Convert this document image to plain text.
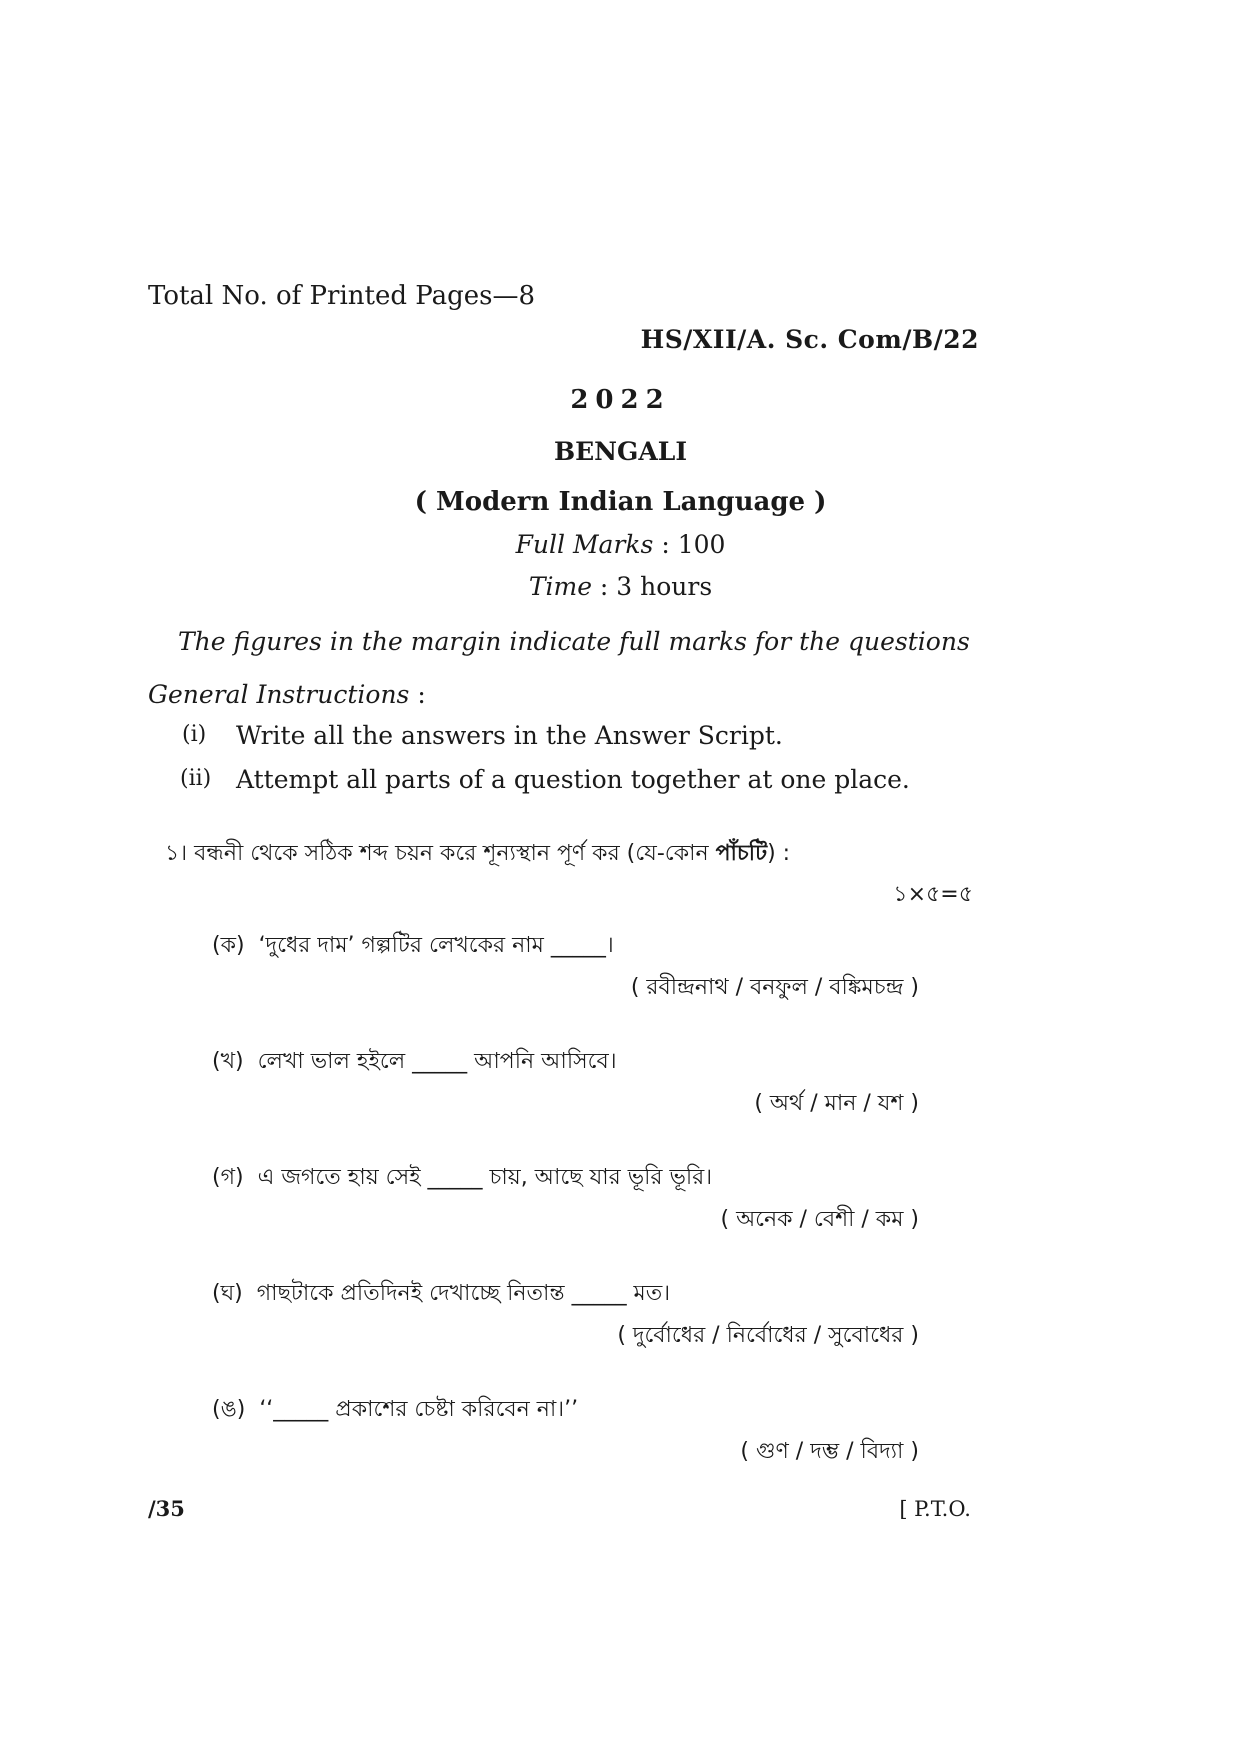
Total No. of Printed Pages—8
HS/XII/A. Sc. Com/B/22
2022
BENGALI
( Modern Indian Language )
Full Marks : 100
Time : 3 hours
The figures in the margin indicate full marks for the questions
General Instructions :
(i) Write all the answers in the Answer Script.
(ii) Attempt all parts of a question together at one place.
১। বন্ধনী থেকে সঠিক শব্দ চয়ন করে শূন্যস্থান পূর্ণ কর (যে-কোন পাঁচটি) :
১×৫=৫
(ক) ‘দুধের দাম’ গল্পটির লেখকের নাম _____।
( রবীন্দ্রনাথ / বনফুল / বঙ্কিমচন্দ্র )
(খ) লেখা ভাল হইলে _____ আপনি আসিবে।
( অর্থ / মান / যশ )
(গ) এ জগতে হায় সেই _____ চায়, আছে যার ভূরি ভূরি।
( অনেক / বেশী / কম )
(ঘ) গাছটাকে প্রতিদিনই দেখাচ্ছে নিতান্ত _____ মত।
( দুর্বোধের / নির্বোধের / সুবোধের )
(ঙ) ‘‘_____ প্রকাশের চেষ্টা করিবেন না।’’
( গুণ / দম্ভ / বিদ্যা )
/35	[ P.T.O.
